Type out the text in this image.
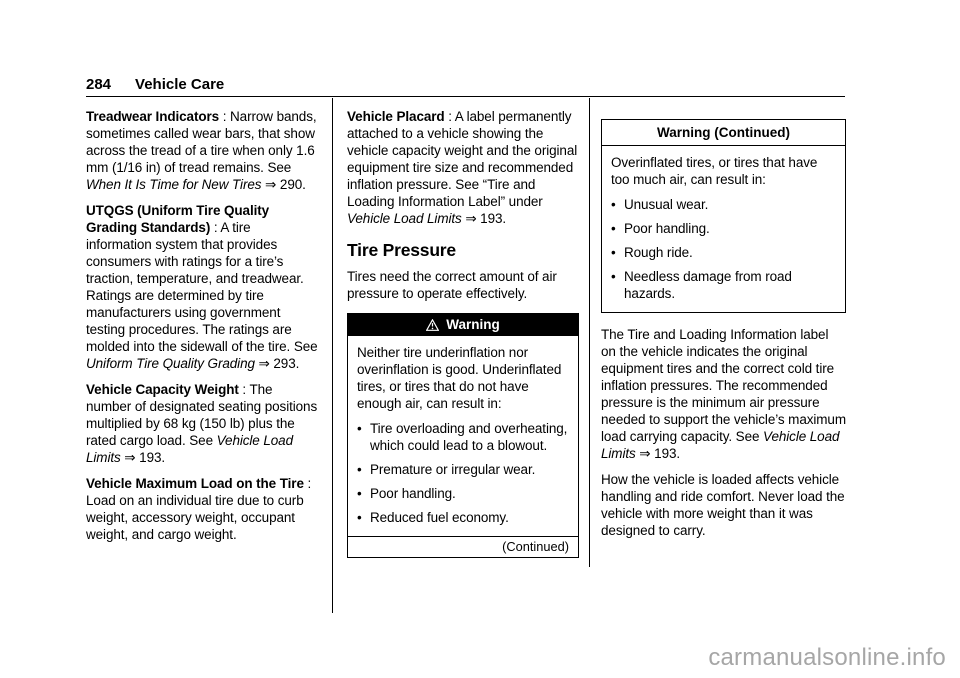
284 Vehicle Care

Treadwear Indicators : Narrow bands, sometimes called wear bars, that show across the tread of a tire when only 1.6 mm (1/16 in) of tread remains. See When It Is Time for New Tires ⇒ 290.

UTQGS (Uniform Tire Quality Grading Standards) : A tire information system that provides consumers with ratings for a tire’s traction, temperature, and treadwear. Ratings are determined by tire manufacturers using government testing procedures. The ratings are molded into the sidewall of the tire. See Uniform Tire Quality Grading ⇒ 293.

Vehicle Capacity Weight : The number of designated seating positions multiplied by 68 kg (150 lb) plus the rated cargo load. See Vehicle Load Limits ⇒ 193.

Vehicle Maximum Load on the Tire : Load on an individual tire due to curb weight, accessory weight, occupant weight, and cargo weight.

Vehicle Placard : A label permanently attached to a vehicle showing the vehicle capacity weight and the original equipment tire size and recommended inflation pressure. See “Tire and Loading Information Label” under Vehicle Load Limits ⇒ 193.

Tire Pressure

Tires need the correct amount of air pressure to operate effectively.

Warning

Neither tire underinflation nor overinflation is good. Underinflated tires, or tires that do not have enough air, can result in:

• Tire overloading and overheating, which could lead to a blowout.
• Premature or irregular wear.
• Poor handling.
• Reduced fuel economy.
(Continued)
Warning (Continued)

Overinflated tires, or tires that have too much air, can result in:

• Unusual wear.
• Poor handling.
• Rough ride.
• Needless damage from road hazards.

The Tire and Loading Information label on the vehicle indicates the original equipment tires and the correct cold tire inflation pressures. The recommended pressure is the minimum air pressure needed to support the vehicle’s maximum load carrying capacity. See Vehicle Load Limits ⇒ 193.

How the vehicle is loaded affects vehicle handling and ride comfort. Never load the vehicle with more weight than it was designed to carry.

carmanualsonline.info
